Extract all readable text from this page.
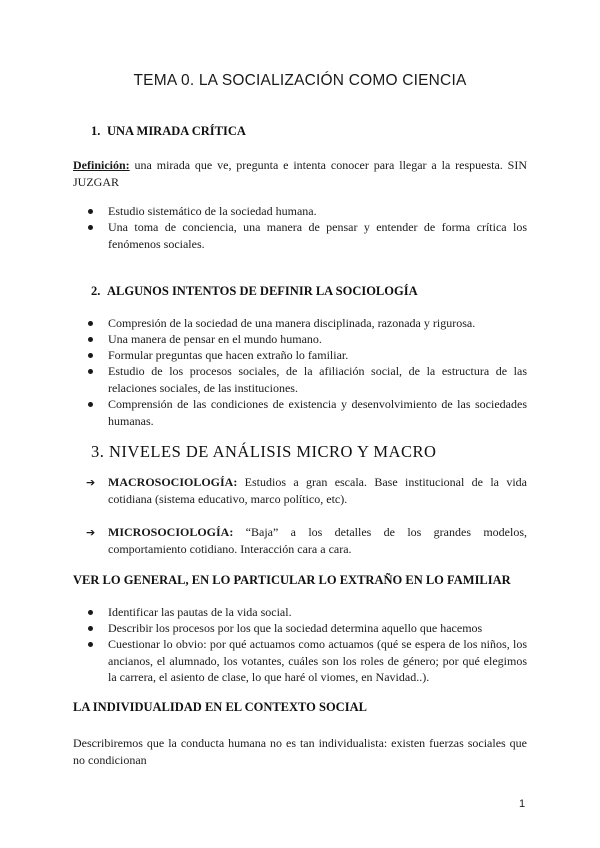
TEMA 0. LA SOCIALIZACIÓN COMO CIENCIA
1. UNA MIRADA CRÍTICA
Definición: una mirada que ve, pregunta e intenta conocer para llegar a la respuesta. SIN JUZGAR
Estudio sistemático de la sociedad humana.
Una toma de conciencia, una manera de pensar y entender de forma crítica los fenómenos sociales.
2. ALGUNOS INTENTOS DE DEFINIR LA SOCIOLOGÍA
Compresión de la sociedad de una manera disciplinada, razonada y rigurosa.
Una manera de pensar en el mundo humano.
Formular preguntas que hacen extraño lo familiar.
Estudio de los procesos sociales, de la afiliación social, de la estructura de las relaciones sociales, de las instituciones.
Comprensión de las condiciones de existencia y desenvolvimiento de las sociedades humanas.
3. NIVELES DE ANÁLISIS MICRO Y MACRO
➔ MACROSOCIOLOGÍA: Estudios a gran escala. Base institucional de la vida cotidiana (sistema educativo, marco político, etc).
➔ MICROSOCIOLOGÍA: “Baja” a los detalles de los grandes modelos, comportamiento cotidiano. Interacción cara a cara.
VER LO GENERAL, EN LO PARTICULAR LO EXTRAÑO EN LO FAMILIAR
Identificar las pautas de la vida social.
Describir los procesos por los que la sociedad determina aquello que hacemos
Cuestionar lo obvio: por qué actuamos como actuamos (qué se espera de los niños, los ancianos, el alumnado, los votantes, cuáles son los roles de género; por qué elegimos la carrera, el asiento de clase, lo que haré ol viomes, en Navidad..).
LA INDIVIDUALIDAD EN EL CONTEXTO SOCIAL
Describiremos que la conducta humana no es tan individualista: existen fuerzas sociales que no condicionan
1
